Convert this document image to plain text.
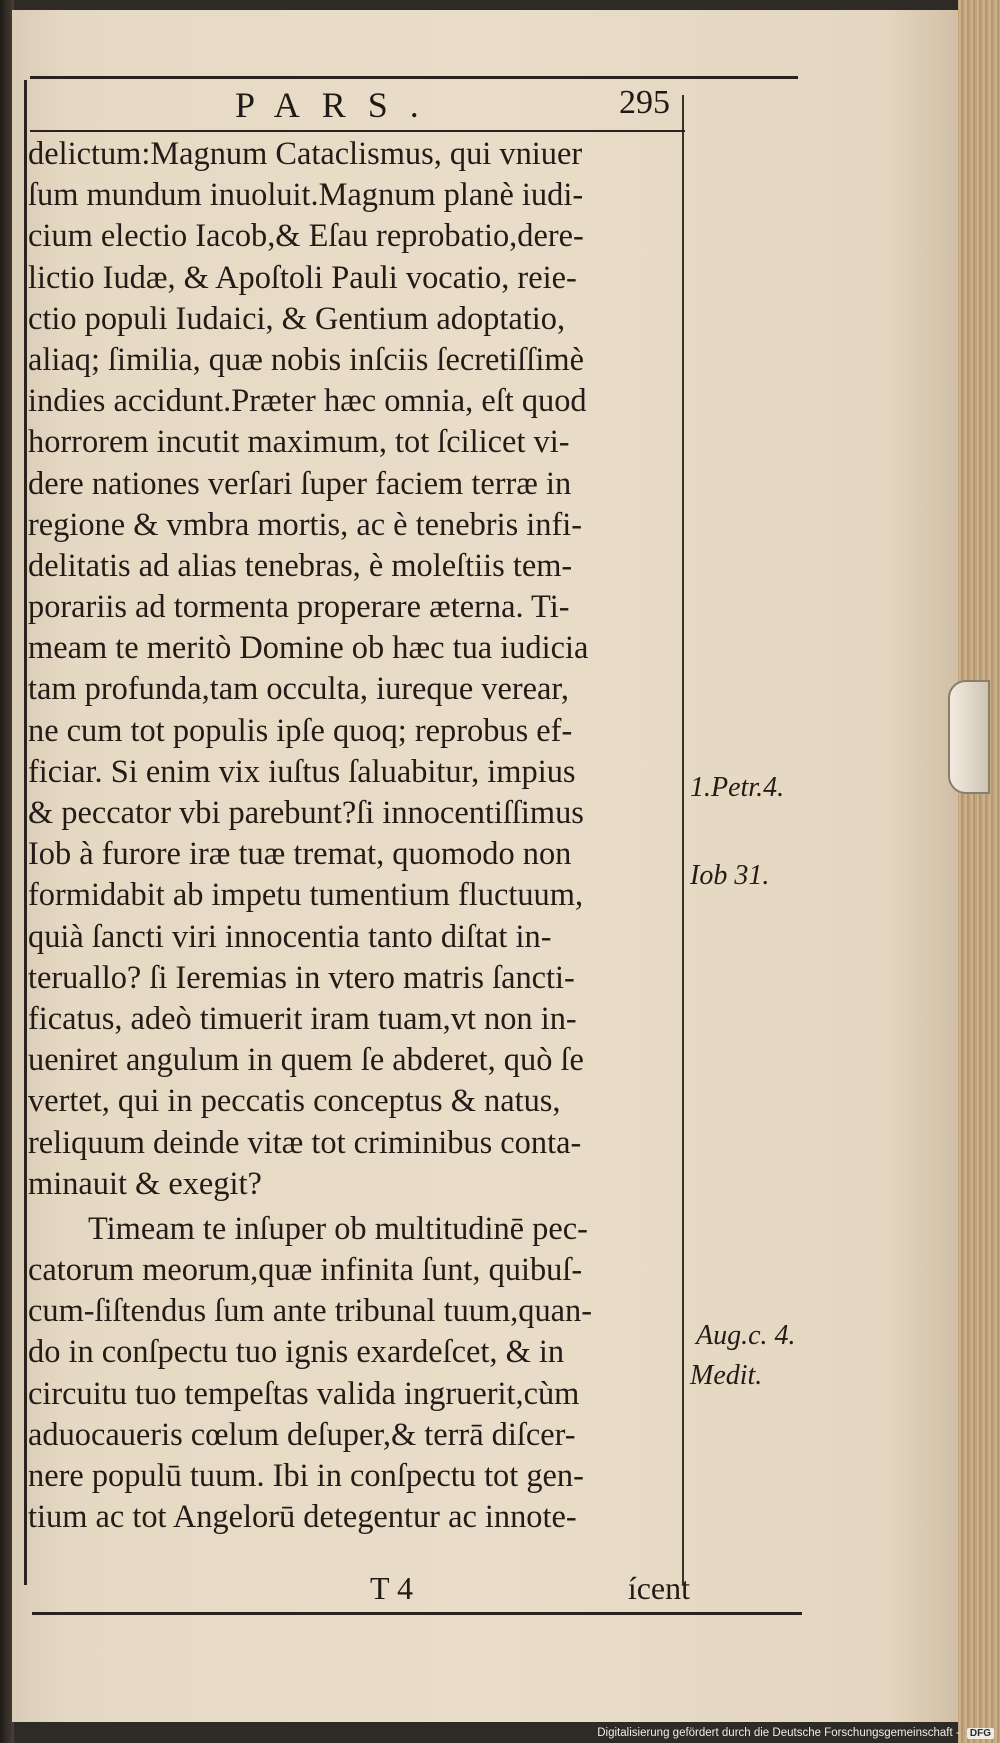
PARS.	295
delictum:Magnum Cataclismus, qui vniuer
ſum mundum inuoluit.Magnum planè iudi-
cium electio Iacob,& Eſau reprobatio,dere-
lictio Iudæ, & Apoſtoli Pauli vocatio, reie-
ctio populi Iudaici, & Gentium adoptatio,
aliaq; ſimilia, quæ nobis inſciis ſecretiſſimè
indies accidunt.Præter hæc omnia, eſt quod
horrorem incutit maximum, tot ſcilicet vi-
dere nationes verſari ſuper faciem terræ in
regione & vmbra mortis, ac è tenebris infi-
delitatis ad alias tenebras, è moleſtiis tem-
porariis ad tormenta properare æterna. Ti-
meam te meritò Domine ob hæc tua iudicia
tam profunda,tam occulta, iureque verear,
ne cum tot populis ipſe quoq; reprobus ef-
ficiar. Si enim vix iuſtus ſaluabitur, impius
& peccator vbi parebunt?ſi innocentiſſimus
Iob à furore iræ tuæ tremat, quomodo non
formidabit ab impetu tumentium fluctuum,
quià ſancti viri innocentia tanto diſtat in-
teruallo? ſi Ieremias in vtero matris ſancti-
ficatus, adeò timuerit iram tuam,vt non in-
ueniret angulum in quem ſe abderet, quò ſe
vertet, qui in peccatis conceptus & natus,
reliquum deinde vitæ tot criminibus conta-
minauit & exegit?
Timeam te inſuper ob multitudinē pec-
catorum meorum,quæ infinita ſunt, quibuſ-
cum-ſiſtendus ſum ante tribunal tuum,quan-
do in conſpectu tuo ignis exardeſcet, & in
circuitu tuo tempeſtas valida ingruerit,cùm
aduocaueris cœlum deſuper,& terrā diſcer-
nere populū tuum. Ibi in conſpectu tot gen-
tium ac tot Angelorū detegentur ac innote-
1.Petr.4.
Iob 31.
Aug.c. 4.
Medit.
T 4	ícent
Digitalisierung gefördert durch die Deutsche Forschungsgemeinschaft - DFG
